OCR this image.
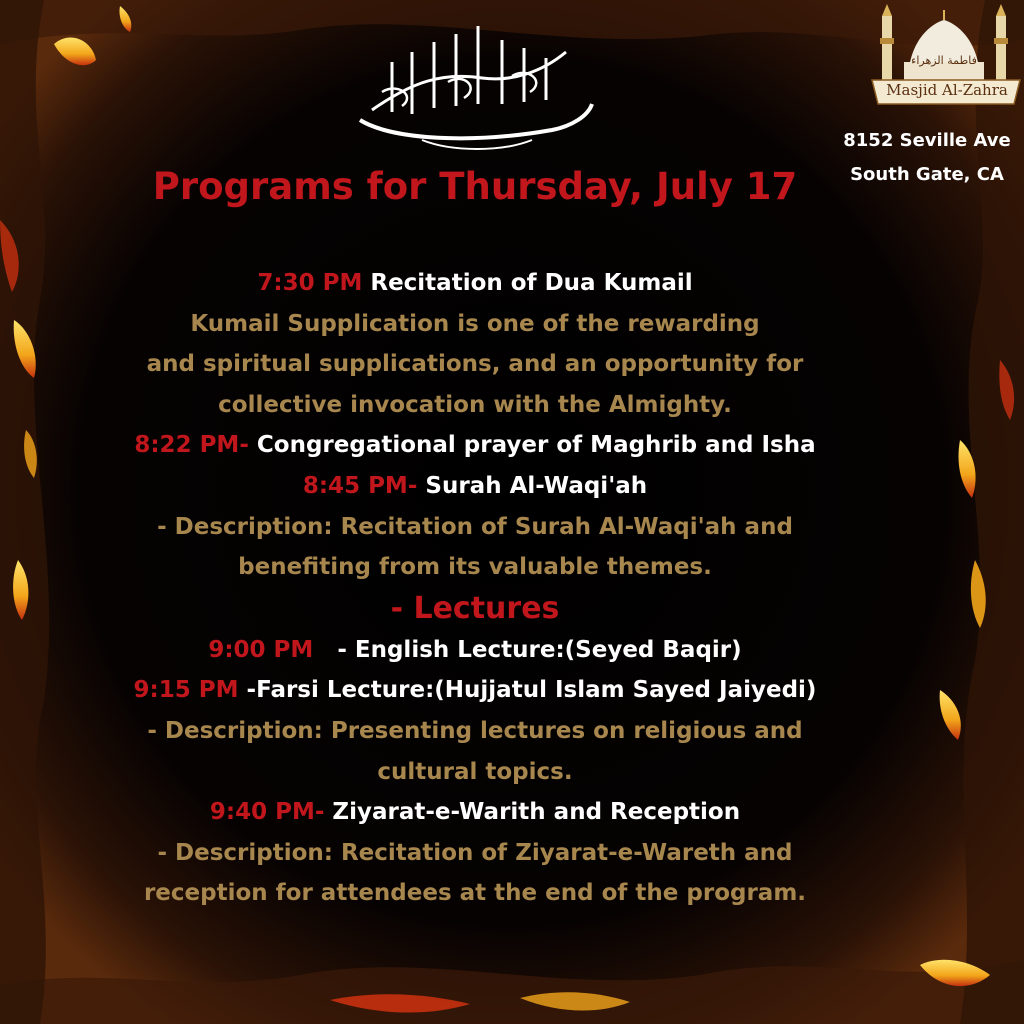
بسم الله الرحمن الرحيم
فاطمة الزهراء
Masjid Al-Zahra
8152 Seville Ave
South Gate, CA
Programs for Thursday, July 17
7:30 PM Recitation of Dua Kumail
Kumail Supplication is one of the rewarding
and spiritual supplications, and an opportunity for
collective invocation with the Almighty.
8:22 PM- Congregational prayer of Maghrib and Isha
8:45 PM- Surah Al-Waqi'ah
- Description: Recitation of Surah Al-Waqi'ah and
benefiting from its valuable themes.
- Lectures
9:00 PM - English Lecture:(Seyed Baqir)
9:15 PM -Farsi Lecture:(Hujjatul Islam Sayed Jaiyedi)
- Description: Presenting lectures on religious and
cultural topics.
9:40 PM- Ziyarat-e-Warith and Reception
- Description: Recitation of Ziyarat-e-Wareth and
reception for attendees at the end of the program.
